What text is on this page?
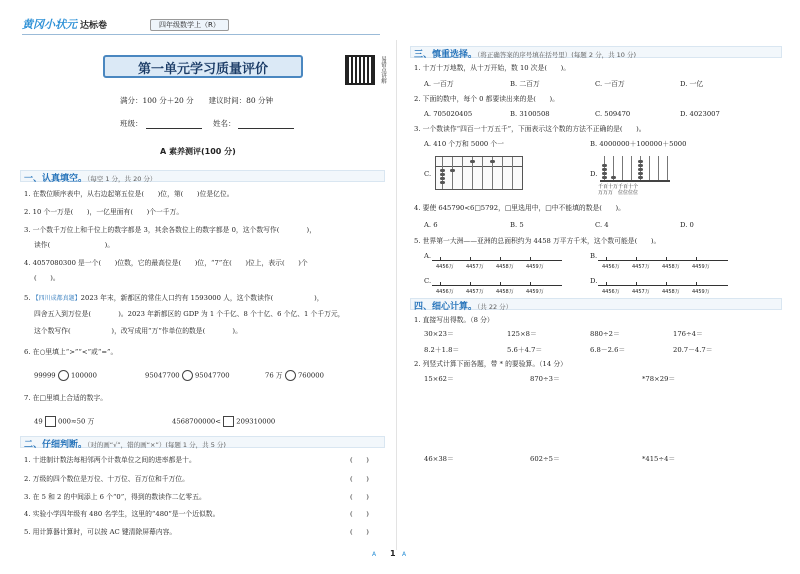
黄冈小状元 达标卷	四年级数学上（R）
第一单元学习质量评价	易错点讲解
满分：100 分＋20 分　　建议时间：80 分钟
班级：	姓名：
A 素养测评(100 分)
一、认真填空。（每空 1 分，共 20 分）
1. 在数位顺序表中，从右边起第五位是(　　)位，第(　　)位是亿位。
2. 10 个一万是(　　)，一亿里面有(　　)个一千万。
3. 一个数千万位上和千位上的数字都是 3，其余各数位上的数字都是 0，这个数写作(　　　　)，
读作(　　　　　　　　)。
4. 4057080300 是一个(　　)位数，它的最高位是(　　)位，“7”在(　　)位上，表示(　　)个
(　　)。
5. 【四川成都真题】2023 年末，新都区的常住人口约有 1593000 人，这个数读作(　　　　　　)，
四舍五入到万位是(　　　　)。2023 年新都区的 GDP 为 1 个千亿、8 个十亿、6 个亿、1 个千万元，
这个数写作(　　　　　　)，改写成用“万”作单位的数是(　　　　)。
6. 在○里填上“>”“<”或“=”。
99999 100000	95047700 95047700	76 万 760000
7. 在□里填上合适的数字。
49 000≈50 万	4568700000< 209310000
二、仔细判断。（对的画“√”，错的画“×”）(每题 1 分，共 5 分)
1. 十进制计数法每相邻两个计数单位之间的进率都是十。
2. 万级的四个数位是万位、十万位、百万位和千万位。
3. 在 5 和 2 的中间添上 6 个“0”，得到的数读作二亿零五。
4. 实验小学四年级有 480 名学生，这里的“480”是一个近似数。
5. 用计算器计算时，可以按 AC 键清除屏幕内容。
(　　)
(　　)
(　　)
(　　)
(　　)
三、慎重选择。（将正确答案的序号填在括号里）(每题 2 分，共 10 分)
1. 十万十万地数，从十万开始，数 10 次是(　　)。
A. 一百万	B. 二百万	C. 一百万	D. 一亿
2. 下面的数中，每个 0 都要读出来的是(　　)。
A. 705020405	B. 3100508	C. 509470	D. 4023007
3. 一个数读作“四百一十万五千”，下面表示这个数的方法不正确的是(　　)。
A. 410 个万和 5000 个一	B. 4000000＋100000＋5000
C.	D.
千百十万千百十个
万万万　位位位位
4. 要使 645790<6□5792，□里选用中，□中不能填的数是(　　)。
A. 6	B. 5	C. 4	D. 0
5. 世界第一大洲——亚洲的总面积约为 4458 万平方千米，这个数可能是(　　)。
A.
4456万 4457万 4458万 4459万
B.
4456万 4457万 4458万 4459万
C.
4456万 4457万 4458万 4459万
D.
4456万 4457万 4458万 4459万
四、细心计算。（共 22 分）
1. 直接写出得数。（8 分）
30×23＝	125×8＝	880÷2＝	176÷4＝
8.2＋1.8＝	5.6＋4.7＝	6.8－2.6＝	20.7－4.7＝
2. 列竖式计算下面各题，带 * 的要验算。（14 分）
15×62＝	870÷3＝	*78×29＝
46×38＝	602÷5＝	*415÷4＝
A 1 A
